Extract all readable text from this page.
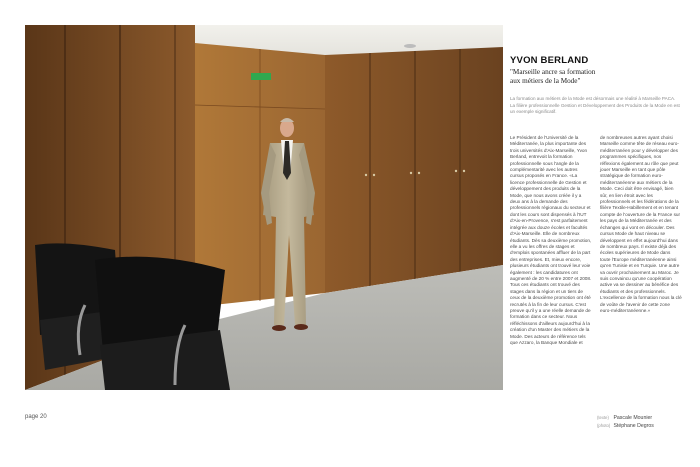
YVON BERLAND
"Marseille ancre sa formation
aux métiers de la Mode"
La formation aux métiers de la Mode est désormais une réalité à Marseille PACA. La filière professionnelle Gestion et Développement des Produits de la Mode en est un exemple significatif.
Le Président de l'Université de la Méditerranée, la plus importante des trois universités d'Aix-Marseille, Yvon Berland, entrevoit la formation professionnelle sous l'angle de la complémentarité avec les autres cursus proposés en France. «La licence professionnelle de Gestion et développement des produits de la Mode, que nous avons créée il y a deux ans à la demande des professionnels régionaux du secteur et dont les cours sont dispensés à l'IUT d'Aix-en-Provence, s'est parfaitement intégrée aux douze écoles et facultés d'Aix-Marseille. Elle de nombreux étudiants. Dès sa deuxième promotion, elle a vu les offres de stages et d'emplois spontanées affluer de la part des entreprises. Et, mieux encore, plusieurs étudiants ont trouvé leur voie également : les candidatures ont augmenté de 20 % entre 2007 et 2008. Tous ces étudiants ont trouvé des stages dans la région et un tiers de ceux de la deuxième promotion ont été recrutés à la fin de leur cursus. C'est preuve qu'il y a une réelle demande de formation dans ce secteur. Nous réfléchissons d'ailleurs aujourd'hui à la création d'un Master des métiers de la Mode. Des acteurs de référence tels que Azzaro, la Banque Mondiale et
de nombreuses autres ayant choisi Marseille comme tête de réseau euro-méditerranéen pour y développer des programmes spécifiques, nos réflexions également au rôle que peut jouer Marseille en tant que pôle stratégique de formation euro-méditerranéenne aux métiers de la Mode. Ceci doit être envisagé, bien sûr, en lien étroit avec les professionnels et les fédérations de la filière Textile-Habillement et en tenant compte de l'ouverture de la France sur les pays de la Méditerranée et des échanges qui vont en découler. Des cursus Mode de haut niveau se développent en effet aujourd'hui dans de nombreux pays. Il existe déjà des écoles supérieures de Mode dans toute l'Europe méditerranéenne ainsi qu'en Tunisie et en Turquie. Une autre va ouvrir prochainement au Maroc. Je suis convaincu qu'une coopération active va se dessiner au bénéfice des étudiants et des professionnels. L'excellence de la formation nous la clé de voûte de l'avenir de cette zone euro-méditerranéenne.»
page 20	(texte) Pascale Mounier
(photo) Stéphane Degros
